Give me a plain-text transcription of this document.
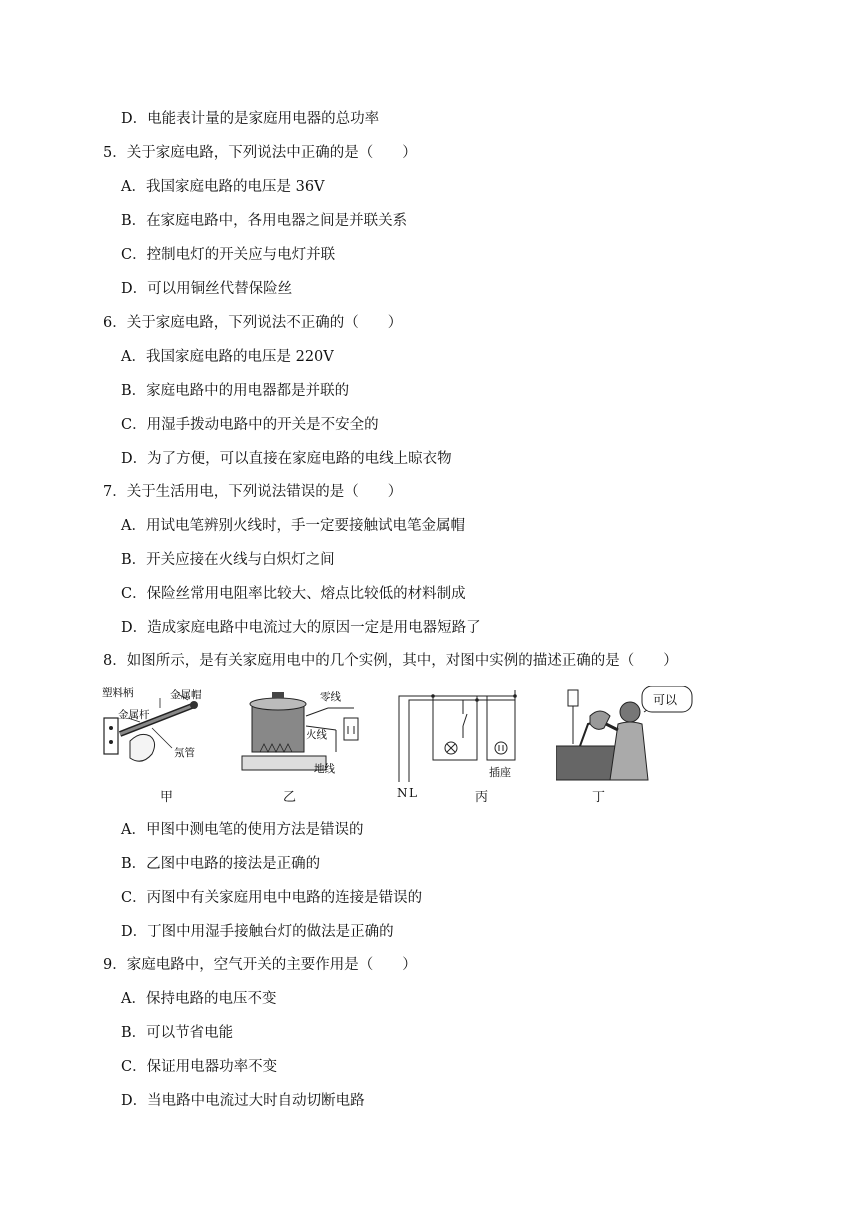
D．电能表计量的是家庭用电器的总功率
5．关于家庭电路，下列说法中正确的是（　　）
A．我国家庭电路的电压是 36V
B．在家庭电路中，各用电器之间是并联关系
C．控制电灯的开关应与电灯并联
D．可以用铜丝代替保险丝
6．关于家庭电路，下列说法不正确的（　　）
A．我国家庭电路的电压是 220V
B．家庭电路中的用电器都是并联的
C．用湿手拨动电路中的开关是不安全的
D．为了方便，可以直接在家庭电路的电线上晾衣物
7．关于生活用电，下列说法错误的是（　　）
A．用试电笔辨别火线时，手一定要接触试电笔金属帽
B．开关应接在火线与白炽灯之间
C．保险丝常用电阻率比较大、熔点比较低的材料制成
D．造成家庭电路中电流过大的原因一定是用电器短路了
8．如图所示，是有关家庭用电中的几个实例，其中，对图中实例的描述正确的是（　　）
塑料柄	金属帽
金属杆
氖管
甲
零线
火线
地线
乙	N L
插座
丙
可以
丁
A．甲图中测电笔的使用方法是错误的
B．乙图中电路的接法是正确的
C．丙图中有关家庭用电中电路的连接是错误的
D．丁图中用湿手接触台灯的做法是正确的
9．家庭电路中，空气开关的主要作用是（　　）
A．保持电路的电压不变
B．可以节省电能
C．保证用电器功率不变
D．当电路中电流过大时自动切断电路
